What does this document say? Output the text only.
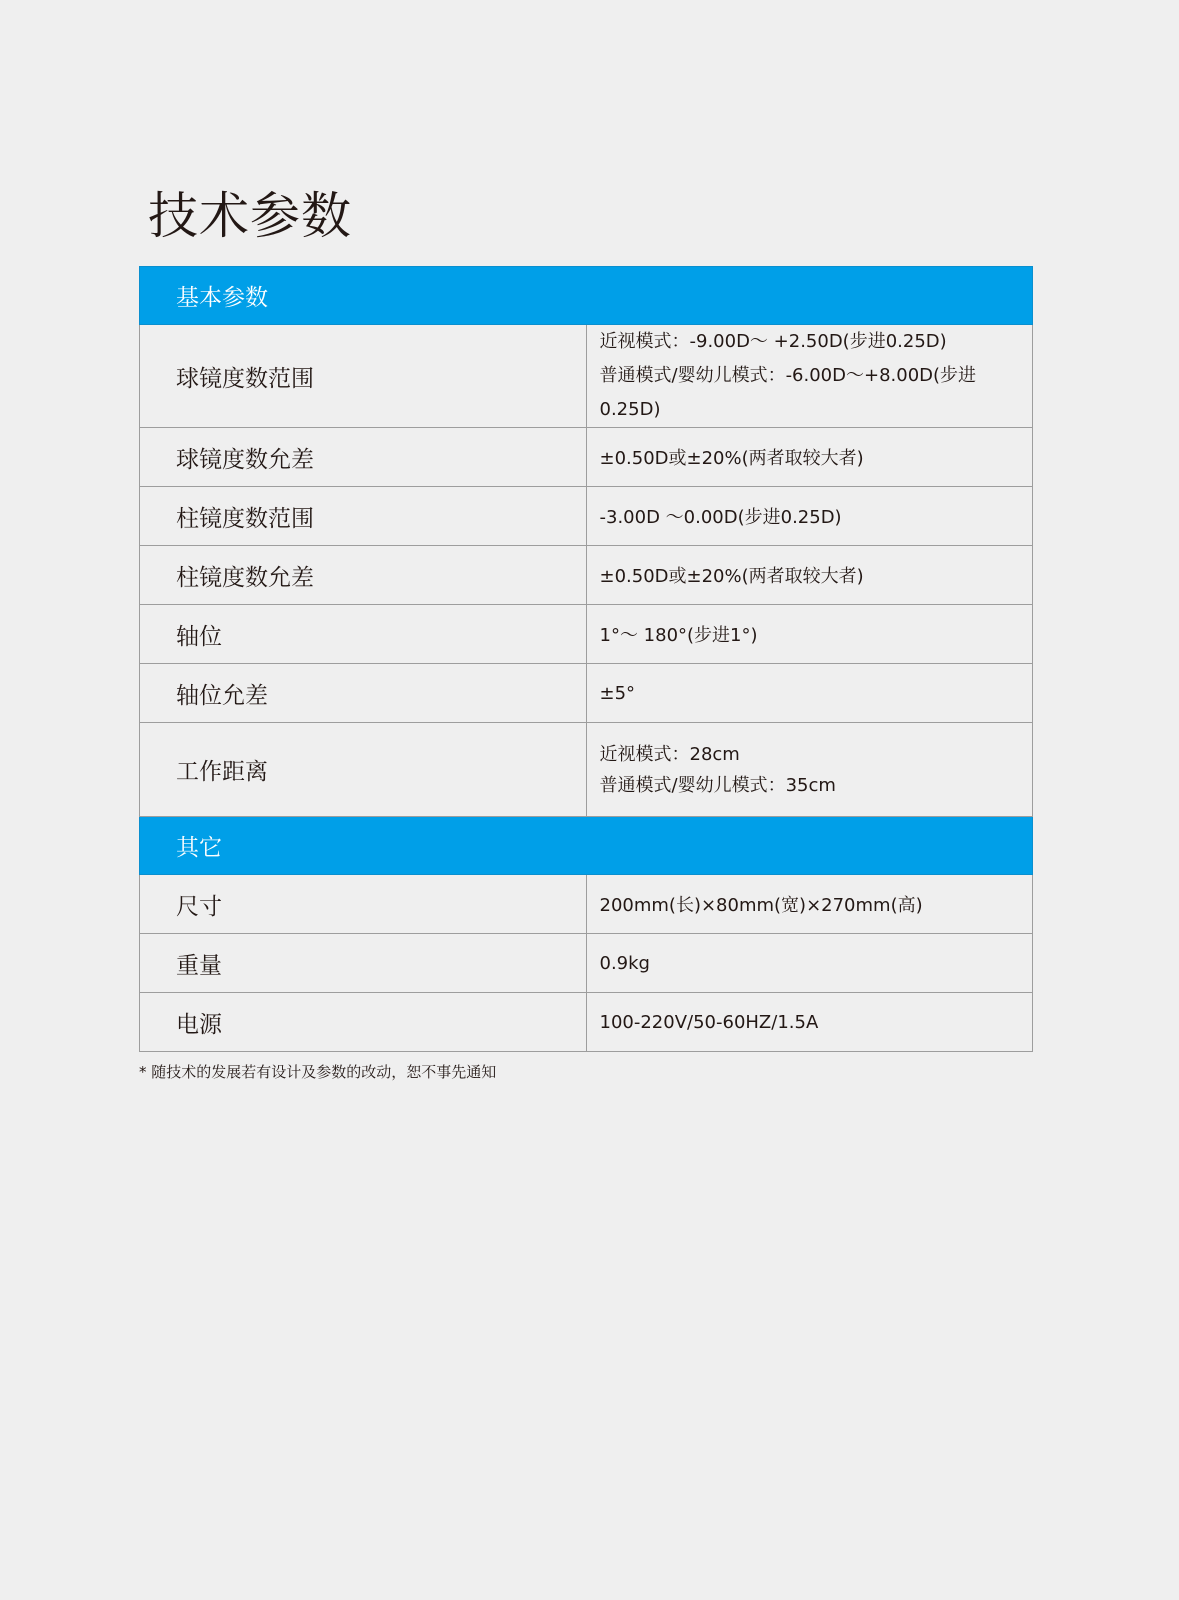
技术参数
基本参数	
球镜度数范围	近视模式：-9.00D～ +2.50D(步进0.25D)
普通模式/婴幼儿模式：-6.00D～+8.00D(步进0.25D)

球镜度数允差	±0.50D或±20%(两者取较大者)
柱镜度数范围	-3.00D ～0.00D(步进0.25D)
柱镜度数允差	±0.50D或±20%(两者取较大者)
轴位	1°～ 180°(步进1°)
轴位允差	±5°
工作距离	近视模式：28cm
普通模式/婴幼儿模式：35cm

其它	
尺寸	200mm(长)×80mm(宽)×270mm(高)
重量	0.9kg
电源	100-220V/50-60HZ/1.5A

* 随技术的发展若有设计及参数的改动，恕不事先通知
